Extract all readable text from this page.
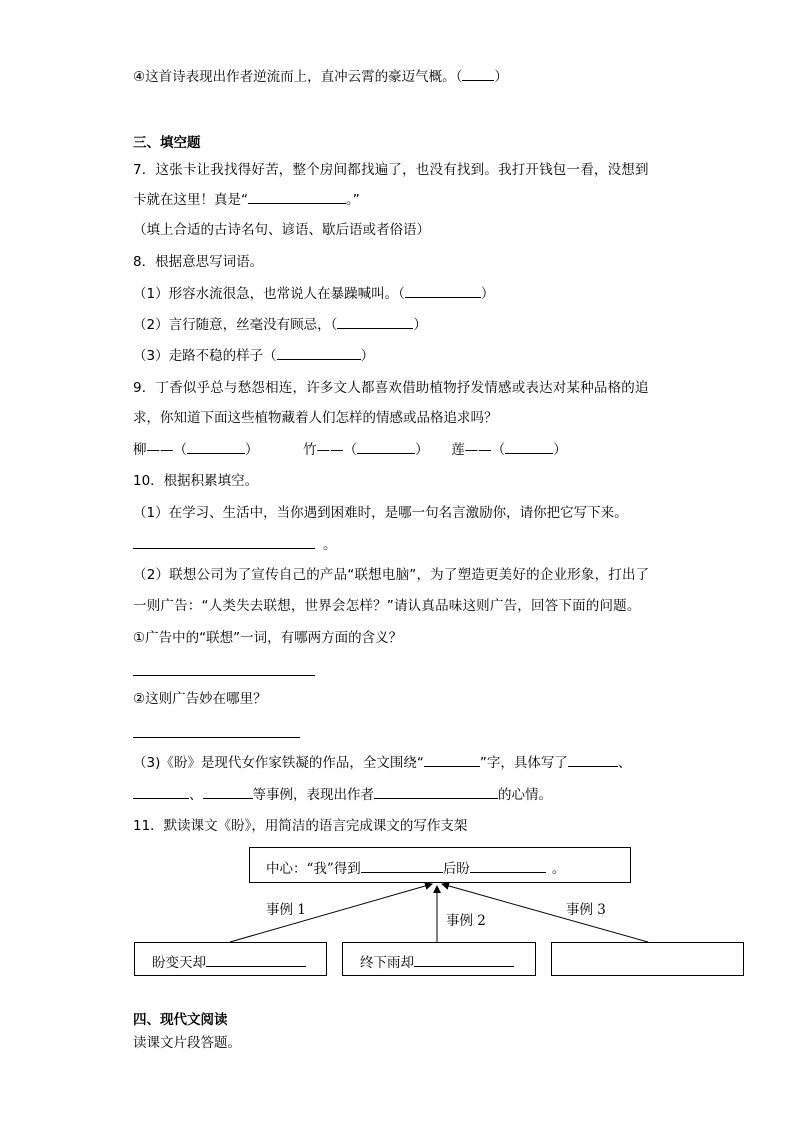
④这首诗表现出作者逆流而上，直冲云霄的豪迈气概。（ ）
三、填空题
7．这张卡让我找得好苦，整个房间都找遍了，也没有找到。我打开钱包一看，没想到
卡就在这里！真是“	。”
（填上合适的古诗名句、谚语、歇后语或者俗语）
8．根据意思写词语。
（1）形容水流很急，也常说人在暴躁喊叫。（	）
（2）言行随意，丝毫没有顾忌，（	）
（3）走路不稳的样子（	）
9．丁香似乎总与愁怨相连，许多文人都喜欢借助植物抒发情感或表达对某种品格的追
求，你知道下面这些植物藏着人们怎样的情感或品格追求吗？
柳——（	）	竹——（	） 莲——（	）
10．根据积累填空。
（1）在学习、生活中，当你遇到困难时，是哪一句名言激励你，请你把它写下来。
。
（2）联想公司为了宣传自己的产品“联想电脑”，为了塑造更美好的企业形象，打出了
一则广告：“人类失去联想，世界会怎样？”请认真品味这则广告，回答下面的问题。
①广告中的“联想”一词，有哪两方面的含义？
②这则广告妙在哪里？
（3)《盼》是现代女作家铁凝的作品，全文围绕“	”字，具体写了	、
、	等事例，表现出作者	的心情。
11．默读课文《盼》，用简洁的语言完成课文的写作支架
中心：“我”得到	后盼	。
事例 1
事例 2
事例 3
盼变天却	终下雨却
四、现代文阅读
读课文片段答题。
